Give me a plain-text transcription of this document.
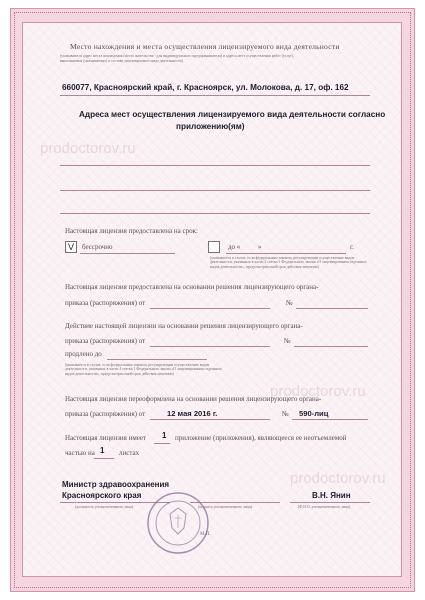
prodoctorov.ru
prodoctorov.ru
prodoctorov.ru
Место нахождения и места осуществления лицензируемого вида деятельности
(указываются адрес места нахождения (место жительства - для индивидуального предпринимателя) и адреса мест осуществления работ (услуг),
выполняемых (оказываемых) в составе лицензируемого вида деятельности)
660077, Красноярский край, г. Красноярск, ул. Молокова, д. 17, оф. 162
Адреса мест осуществления лицензируемого вида деятельности согласно
приложению(ям)
Настоящая лицензия предоставлена на срок:
V бессрочно	до «	»	г.
(указывается в случае, если федеральным законом, регулирующим осуществление видов деятельности, указанных в части 4 статьи 1 Федерального закона «О лицензировании отдельных видов деятельности», предусмотрен иной срок действия лицензии)
Настоящая лицензия предоставлена на основании решения лицензирующего органа-
приказа (распоряжения) от	№
Действие настоящей лицензии на основании решения лицензирующего органа-
приказа (распоряжения) от	№
продлено до
(указывается в случае, если федеральным законом, регулирующим осуществление видов деятельности, указанных в части 4 статьи 1 Федерального закона «О лицензировании отдельных видов деятельности», предусмотрен иной срок действия лицензии)
Настоящая лицензия переоформлена на основании решения лицензирующего органа-
приказа (распоряжения) от	12 мая 2016 г.	№ 590-лиц
Настоящая лицензия имеет 1 приложение (приложения), являющееся ее неотъемлемой
частью на 1 листах
Министр здравоохранения
Красноярского края	В.Н. Янин
(должность уполномоченного лица)	(подпись уполномоченного лица)	(Ф.И.О. уполномоченного лица)
М.П.
